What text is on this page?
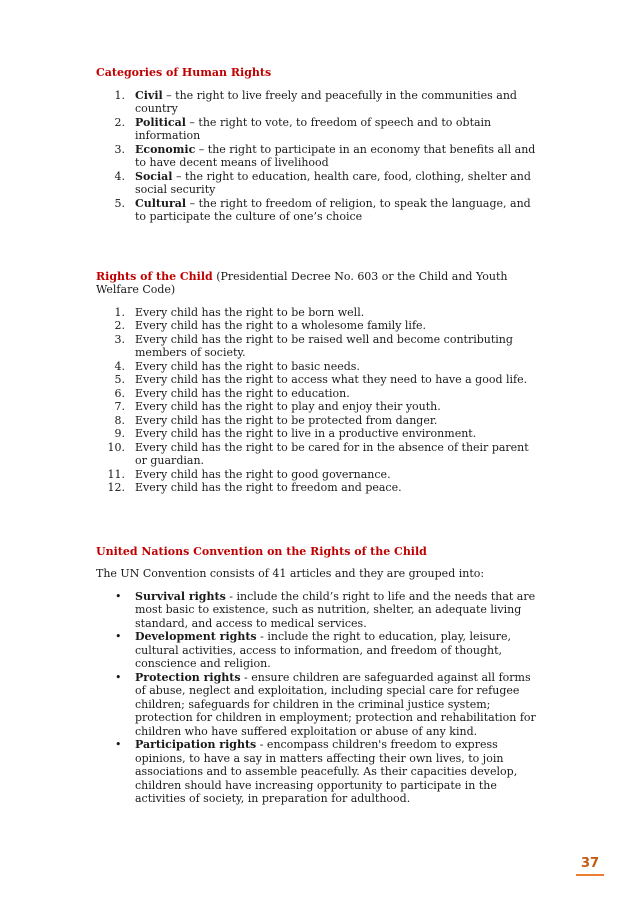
Categories of Human Rights
1. Civil – the right to live freely and peacefully in the communities and country
2. Political – the right to vote, to freedom of speech and to obtain information
3. Economic – the right to participate in an economy that benefits all and to have decent means of livelihood
4. Social – the right to education, health care, food, clothing, shelter and social security
5. Cultural – the right to freedom of religion, to speak the language, and to participate the culture of one’s choice

Rights of the Child (Presidential Decree No. 603 or the Child and Youth Welfare Code)

1. Every child has the right to be born well.
2. Every child has the right to a wholesome family life.
3. Every child has the right to be raised well and become contributing members of society.
4. Every child has the right to basic needs.
5. Every child has the right to access what they need to have a good life.
6. Every child has the right to education.
7. Every child has the right to play and enjoy their youth.
8. Every child has the right to be protected from danger.
9. Every child has the right to live in a productive environment.
10. Every child has the right to be cared for in the absence of their parent or guardian.
11. Every child has the right to good governance.
12. Every child has the right to freedom and peace.
United Nations Convention on the Rights of the Child

The UN Convention consists of 41 articles and they are grouped into:

• Survival rights - include the child’s right to life and the needs that are most basic to existence, such as nutrition, shelter, an adequate living standard, and access to medical services.
• Development rights - include the right to education, play, leisure, cultural activities, access to information, and freedom of thought, conscience and religion.
• Protection rights - ensure children are safeguarded against all forms of abuse, neglect and exploitation, including special care for refugee children; safeguards for children in the criminal justice system; protection for children in employment; protection and rehabilitation for children who have suffered exploitation or abuse of any kind.
• Participation rights - encompass children's freedom to express opinions, to have a say in matters affecting their own lives, to join associations and to assemble peacefully. As their capacities develop, children should have increasing opportunity to participate in the activities of society, in preparation for adulthood.
37
